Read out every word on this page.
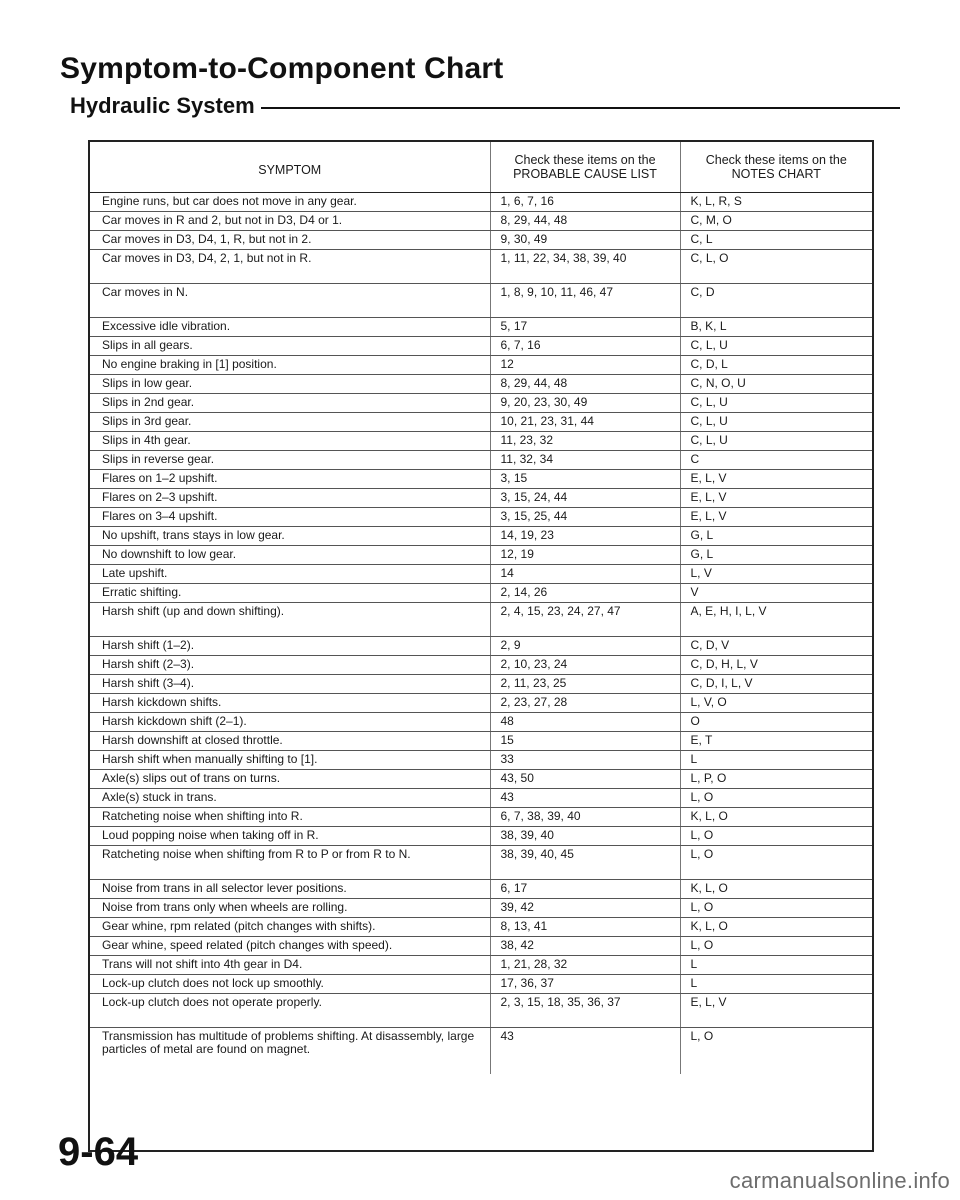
Symptom-to-Component Chart
Hydraulic System
SYMPTOM	Check these items on the PROBABLE CAUSE LIST	Check these items on the NOTES CHART
Engine runs, but car does not move in any gear.	1, 6, 7, 16	K, L, R, S
Car moves in R and 2, but not in D3, D4 or 1.	8, 29, 44, 48	C, M, O
Car moves in D3, D4, 1, R, but not in 2.	9, 30, 49	C, L
Car moves in D3, D4, 2, 1, but not in R.	1, 11, 22, 34, 38, 39, 40	C, L, O
Car moves in N.	1, 8, 9, 10, 11, 46, 47	C, D
Excessive idle vibration.	5, 17	B, K, L
Slips in all gears.	6, 7, 16	C, L, U
No engine braking in [1] position.	12	C, D, L
Slips in low gear.	8, 29, 44, 48	C, N, O, U
Slips in 2nd gear.	9, 20, 23, 30, 49	C, L, U
Slips in 3rd gear.	10, 21, 23, 31, 44	C, L, U
Slips in 4th gear.	11, 23, 32	C, L, U
Slips in reverse gear.	11, 32, 34	C
Flares on 1–2 upshift.	3, 15	E, L, V
Flares on 2–3 upshift.	3, 15, 24, 44	E, L, V
Flares on 3–4 upshift.	3, 15, 25, 44	E, L, V
No upshift, trans stays in low gear.	14, 19, 23	G, L
No downshift to low gear.	12, 19	G, L
Late upshift.	14	L, V
Erratic shifting.	2, 14, 26	V
Harsh shift (up and down shifting).	2, 4, 15, 23, 24, 27, 47	A, E, H, I, L, V
Harsh shift (1–2).	2, 9	C, D, V
Harsh shift (2–3).	2, 10, 23, 24	C, D, H, L, V
Harsh shift (3–4).	2, 11, 23, 25	C, D, I, L, V
Harsh kickdown shifts.	2, 23, 27, 28	L, V, O
Harsh kickdown shift (2–1).	48	O
Harsh downshift at closed throttle.	15	E, T
Harsh shift when manually shifting to [1].	33	L
Axle(s) slips out of trans on turns.	43, 50	L, P, O
Axle(s) stuck in trans.	43	L, O
Ratcheting noise when shifting into R.	6, 7, 38, 39, 40	K, L, O
Loud popping noise when taking off in R.	38, 39, 40	L, O
Ratcheting noise when shifting from R to P or from R to N.	38, 39, 40, 45	L, O
Noise from trans in all selector lever positions.	6, 17	K, L, O
Noise from trans only when wheels are rolling.	39, 42	L, O
Gear whine, rpm related (pitch changes with shifts).	8, 13, 41	K, L, O
Gear whine, speed related (pitch changes with speed).	38, 42	L, O
Trans will not shift into 4th gear in D4.	1, 21, 28, 32	L
Lock-up clutch does not lock up smoothly.	17, 36, 37	L
Lock-up clutch does not operate properly.	2, 3, 15, 18, 35, 36, 37	E, L, V
Transmission has multitude of problems shifting. At disassembly, large particles of metal are found on magnet.	43	L, O
9-64
carmanualsonline.info
